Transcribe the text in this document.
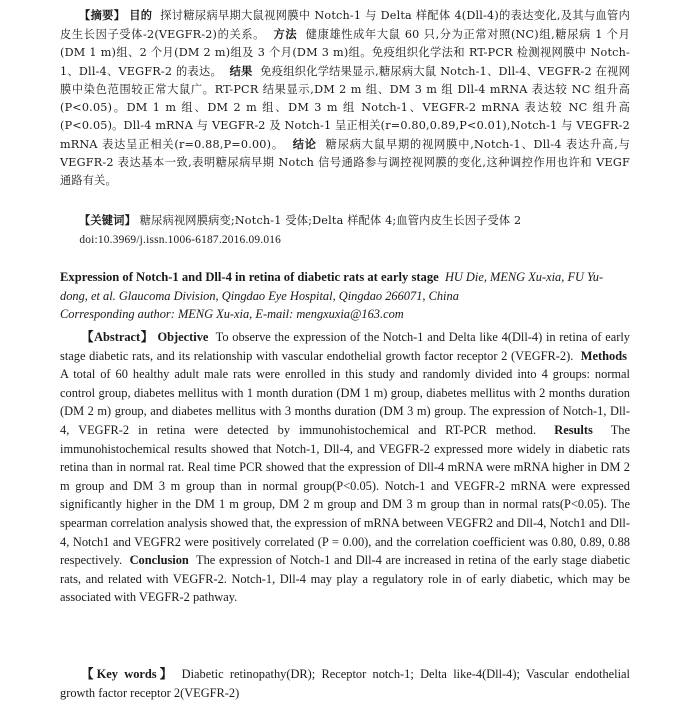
【摘要】 目的 探讨糖尿病早期大鼠视网膜中 Notch-1 与 Delta 样配体 4(Dll-4)的表达变化,及其与血管内皮生长因子受体-2(VEGFR-2)的关系。 方法 健康雄性成年大鼠 60 只,分为正常对照(NC)组,糖尿病 1 个月(DM 1 m)组、2 个月(DM 2 m)组及 3 个月(DM 3 m)组。免疫组织化学法和 RT-PCR 检测视网膜中 Notch-1、Dll-4、VEGFR-2 的表达。 结果 免疫组织化学结果显示,糖尿病大鼠 Notch-1、Dll-4、VEGFR-2 在视网膜中染色范围较正常大鼠广。RT-PCR 结果显示,DM 2 m 组、DM 3 m 组 Dll-4 mRNA 表达较 NC 组升高(P<0.05)。DM 1 m 组、DM 2 m 组、DM 3 m 组 Notch-1、VEGFR-2 mRNA 表达较 NC 组升高(P<0.05)。Dll-4 mRNA 与 VEGFR-2 及 Notch-1 呈正相关(r=0.80,0.89,P<0.01),Notch-1 与 VEGFR-2 mRNA 表达呈正相关(r=0.88,P=0.00)。 结论 糖尿病大鼠早期的视网膜中,Notch-1、Dll-4 表达升高,与 VEGFR-2 表达基本一致,表明糖尿病早期 Notch 信号通路参与调控视网膜的变化,这种调控作用也许和 VEGF 通路有关。
【关键词】 糖尿病视网膜病变;Notch-1 受体;Delta 样配体 4;血管内皮生长因子受体 2
doi:10.3969/j.issn.1006-6187.2016.09.016
Expression of Notch-1 and Dll-4 in retina of diabetic rats at early stage HU Die, MENG Xu-xia, FU Yu-dong, et al. Glaucoma Division, Qingdao Eye Hospital, Qingdao 266071, China
Corresponding author: MENG Xu-xia, E-mail: mengxuxia@163.com
【Abstract】 Objective To observe the expression of the Notch-1 and Delta like 4(Dll-4) in retina of early stage diabetic rats, and its relationship with vascular endothelial growth factor receptor 2 (VEGFR-2). Methods  A total of 60 healthy adult male rats were enrolled in this study and randomly divided into 4 groups: normal control group, diabetes mellitus with 1 month duration (DM 1 m) group, diabetes mellitus with 2 months duration (DM 2 m) group, and diabetes mellitus with 3 months duration (DM 3 m) group. The expression of Notch-1, Dll-4, VEGFR-2 in retina were detected by immunohistochemical and RT-PCR method. Results The immunohistochemical results showed that Notch-1, Dll-4, and VEGFR-2 expressed more widely in diabetic rats retina than in normal rat. Real time PCR showed that the expression of Dll-4 mRNA were mRNA higher in DM 2 m group and DM 3 m group than in normal group(P<0.05). Notch-1 and VEGFR-2 mRNA were expressed significantly higher in the DM 1 m group, DM 2 m group and DM 3 m group than in normal rats(P<0.05). The spearman correlation analysis showed that, the expression of mRNA between VEGFR2 and Dll-4, Notch1 and Dll-4, Notch1 and VEGFR2 were positively correlated (P = 0.00), and the correlation coefficient was 0.80, 0.89, 0.88 respectively. Conclusion The expression of Notch-1 and Dll-4 are increased in retina of the early stage diabetic rats, and related with VEGFR-2. Notch-1, Dll-4 may play a regulatory role in of early diabetic, which may be associated with VEGFR-2 pathway.
【Key words】 Diabetic retinopathy(DR); Receptor notch-1; Delta like-4(Dll-4); Vascular endothelial growth factor receptor 2(VEGFR-2)
